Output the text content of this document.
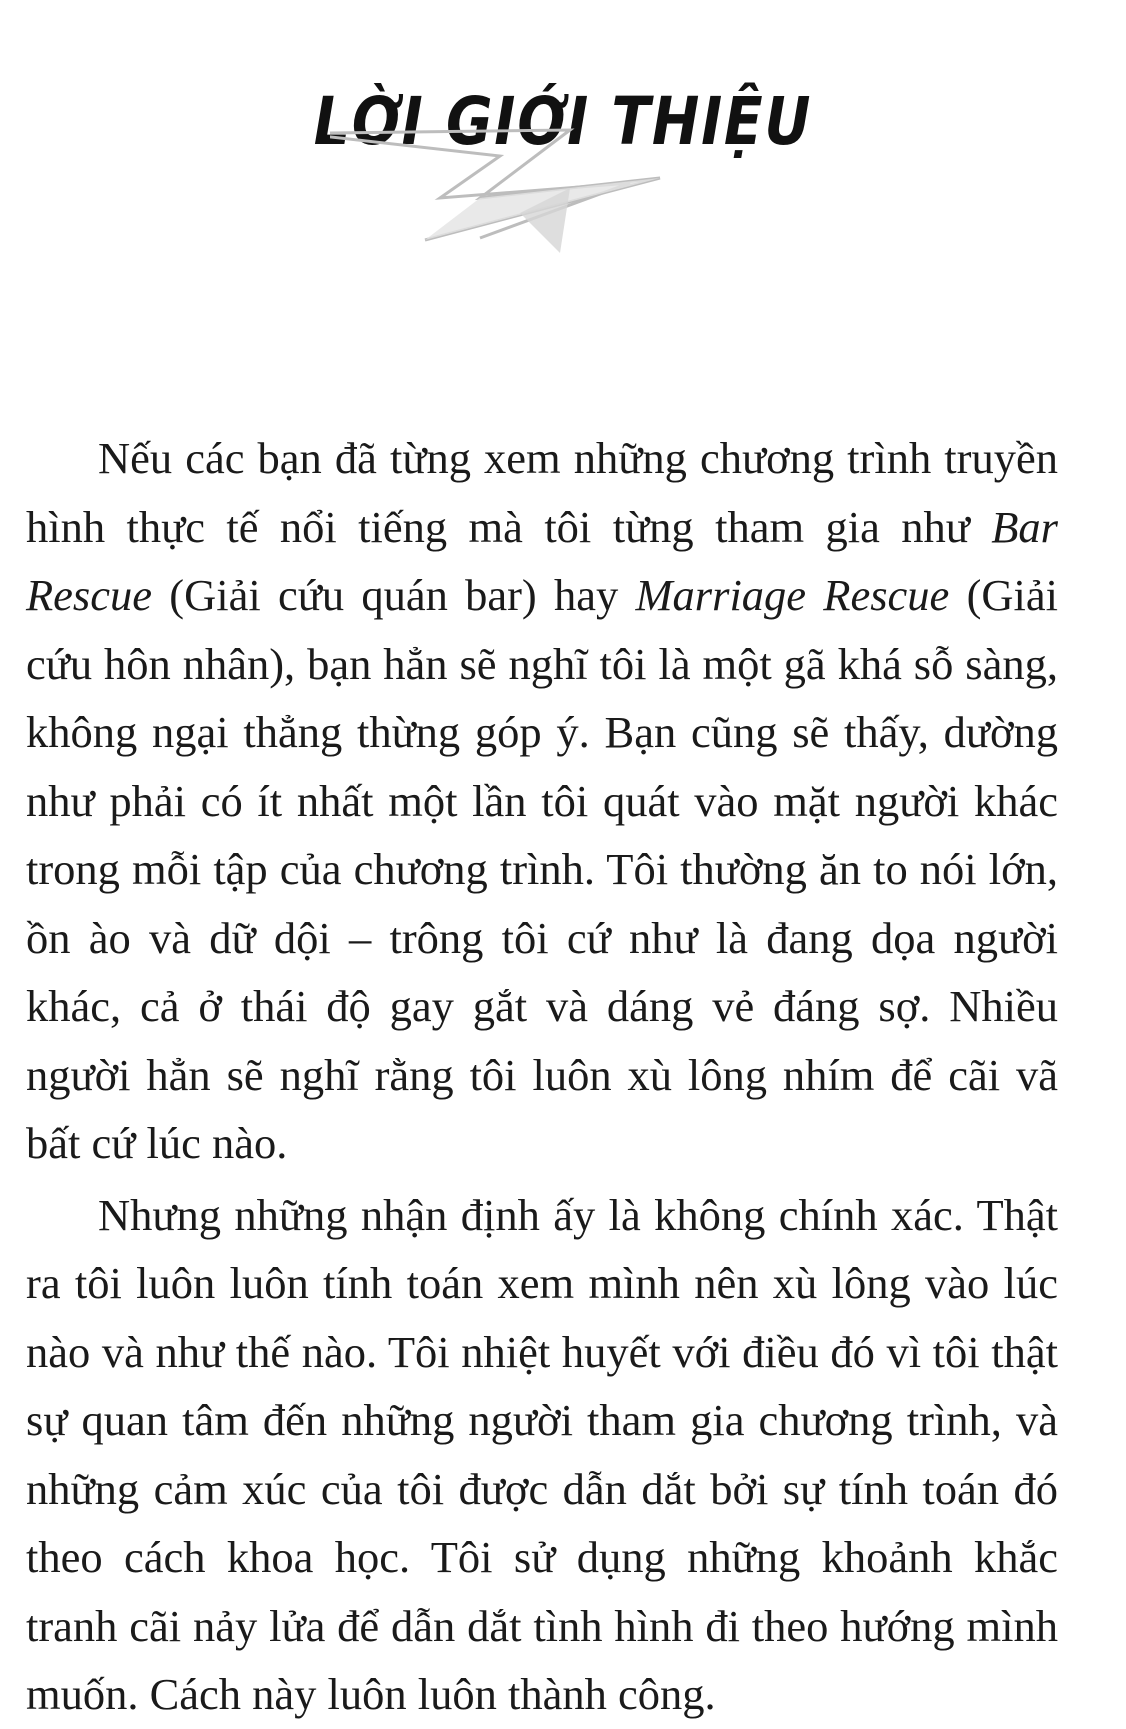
LỜI GIỚI THIỆU

Nếu các bạn đã từng xem những chương trình truyền hình thực tế nổi tiếng mà tôi từng tham gia như Bar Rescue (Giải cứu quán bar) hay Marriage Rescue (Giải cứu hôn nhân), bạn hẳn sẽ nghĩ tôi là một gã khá sỗ sàng, không ngại thẳng thừng góp ý. Bạn cũng sẽ thấy, dường như phải có ít nhất một lần tôi quát vào mặt người khác trong mỗi tập của chương trình. Tôi thường ăn to nói lớn, ồn ào và dữ dội – trông tôi cứ như là đang dọa người khác, cả ở thái độ gay gắt và dáng vẻ đáng sợ. Nhiều người hẳn sẽ nghĩ rằng tôi luôn xù lông nhím để cãi vã bất cứ lúc nào.

Nhưng những nhận định ấy là không chính xác. Thật ra tôi luôn luôn tính toán xem mình nên xù lông vào lúc nào và như thế nào. Tôi nhiệt huyết với điều đó vì tôi thật sự quan tâm đến những người tham gia chương trình, và những cảm xúc của tôi được dẫn dắt bởi sự tính toán đó theo cách khoa học. Tôi sử dụng những khoảnh khắc tranh cãi nảy lửa để dẫn dắt tình hình đi theo hướng mình muốn. Cách này luôn luôn thành công.
